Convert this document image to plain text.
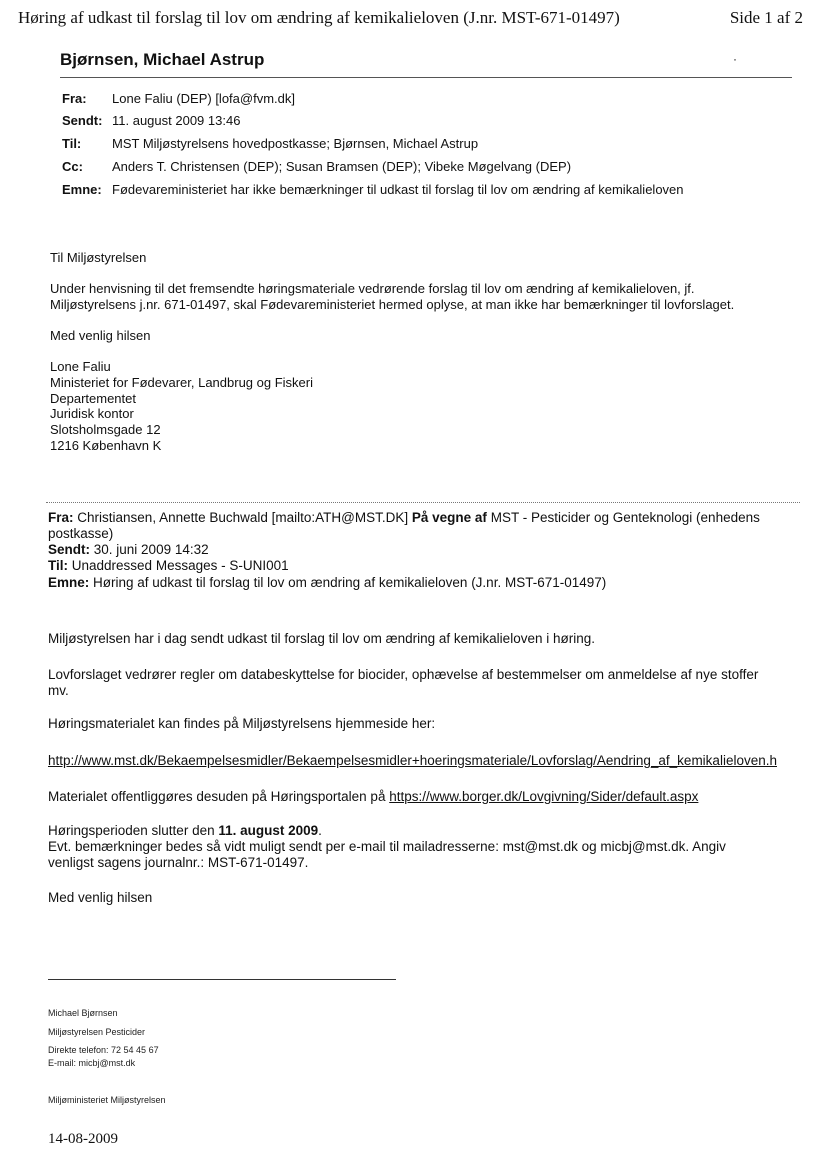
Høring af udkast til forslag til lov om ændring af kemikalieloven (J.nr. MST-671-01497)	Side 1 af 2
Bjørnsen, Michael Astrup	·
Fra: Lone Faliu (DEP) [lofa@fvm.dk]
Sendt: 11. august 2009 13:46
Til: MST Miljøstyrelsens hovedpostkasse; Bjørnsen, Michael Astrup
Cc: Anders T. Christensen (DEP); Susan Bramsen (DEP); Vibeke Møgelvang (DEP)
Emne: Fødevareministeriet har ikke bemærkninger til udkast til forslag til lov om ændring af kemikalieloven
Til Miljøstyrelsen
Under henvisning til det fremsendte høringsmateriale vedrørende forslag til lov om ændring af kemikalieloven, jf.
Miljøstyrelsens j.nr. 671-01497, skal Fødevareministeriet hermed oplyse, at man ikke har bemærkninger til lovforslaget.
Med venlig hilsen
Lone Faliu
Ministeriet for Fødevarer, Landbrug og Fiskeri
Departementet
Juridisk kontor
Slotsholmsgade 12
1216 København K
Fra: Christiansen, Annette Buchwald [mailto:ATH@MST.DK] På vegne af MST - Pesticider og Genteknologi (enhedens
postkasse)
Sendt: 30. juni 2009 14:32
Til: Unaddressed Messages - S-UNI001
Emne: Høring af udkast til forslag til lov om ændring af kemikalieloven (J.nr. MST-671-01497)
Miljøstyrelsen har i dag sendt udkast til forslag til lov om ændring af kemikalieloven i høring.
Lovforslaget vedrører regler om databeskyttelse for biocider, ophævelse af bestemmelser om anmeldelse af nye stoffer
mv.
Høringsmaterialet kan findes på Miljøstyrelsens hjemmeside her:
http://www.mst.dk/Bekaempelsesmidler/Bekaempelsesmidler+hoeringsmateriale/Lovforslag/Aendring_af_kemikalieloven.h
Materialet offentliggøres desuden på Høringsportalen på https://www.borger.dk/Lovgivning/Sider/default.aspx
Høringsperioden slutter den 11. august 2009.
Evt. bemærkninger bedes så vidt muligt sendt per e-mail til mailadresserne: mst@mst.dk og micbj@mst.dk. Angiv
venligst sagens journalnr.: MST-671-01497.
Med venlig hilsen
Michael Bjørnsen
Miljøstyrelsen Pesticider
Direkte telefon: 72 54 45 67
E-mail: micbj@mst.dk
Miljøministeriet Miljøstyrelsen
14-08-2009
